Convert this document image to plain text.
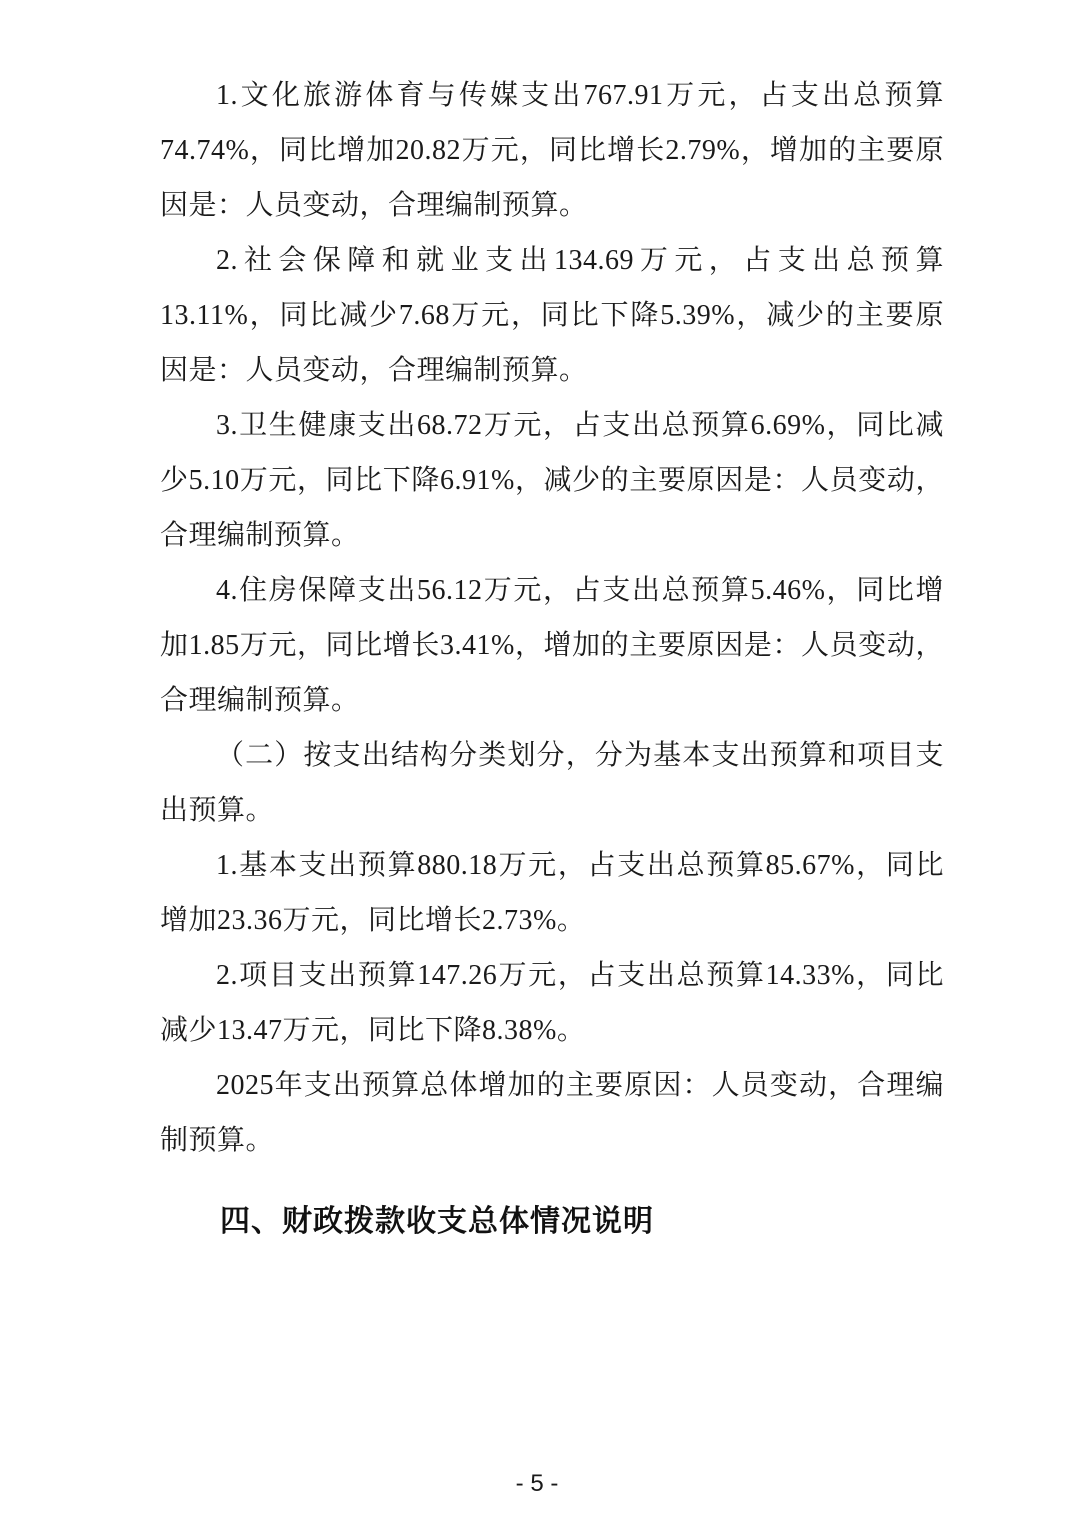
1.文化旅游体育与传媒支出767.91万元，占支出总预算74.74%，同比增加20.82万元，同比增长2.79%，增加的主要原因是：人员变动，合理编制预算。

2.社会保障和就业支出134.69万元，占支出总预算13.11%，同比减少7.68万元，同比下降5.39%，减少的主要原因是：人员变动，合理编制预算。

3.卫生健康支出68.72万元，占支出总预算6.69%，同比减少5.10万元，同比下降6.91%，减少的主要原因是：人员变动，合理编制预算。

4.住房保障支出56.12万元，占支出总预算5.46%，同比增加1.85万元，同比增长3.41%，增加的主要原因是：人员变动，合理编制预算。

（二）按支出结构分类划分，分为基本支出预算和项目支出预算。

1.基本支出预算880.18万元，占支出总预算85.67%，同比增加23.36万元，同比增长2.73%。

2.项目支出预算147.26万元，占支出总预算14.33%，同比减少13.47万元，同比下降8.38%。

2025年支出预算总体增加的主要原因：人员变动，合理编制预算。

四、财政拨款收支总体情况说明
- 5 -
